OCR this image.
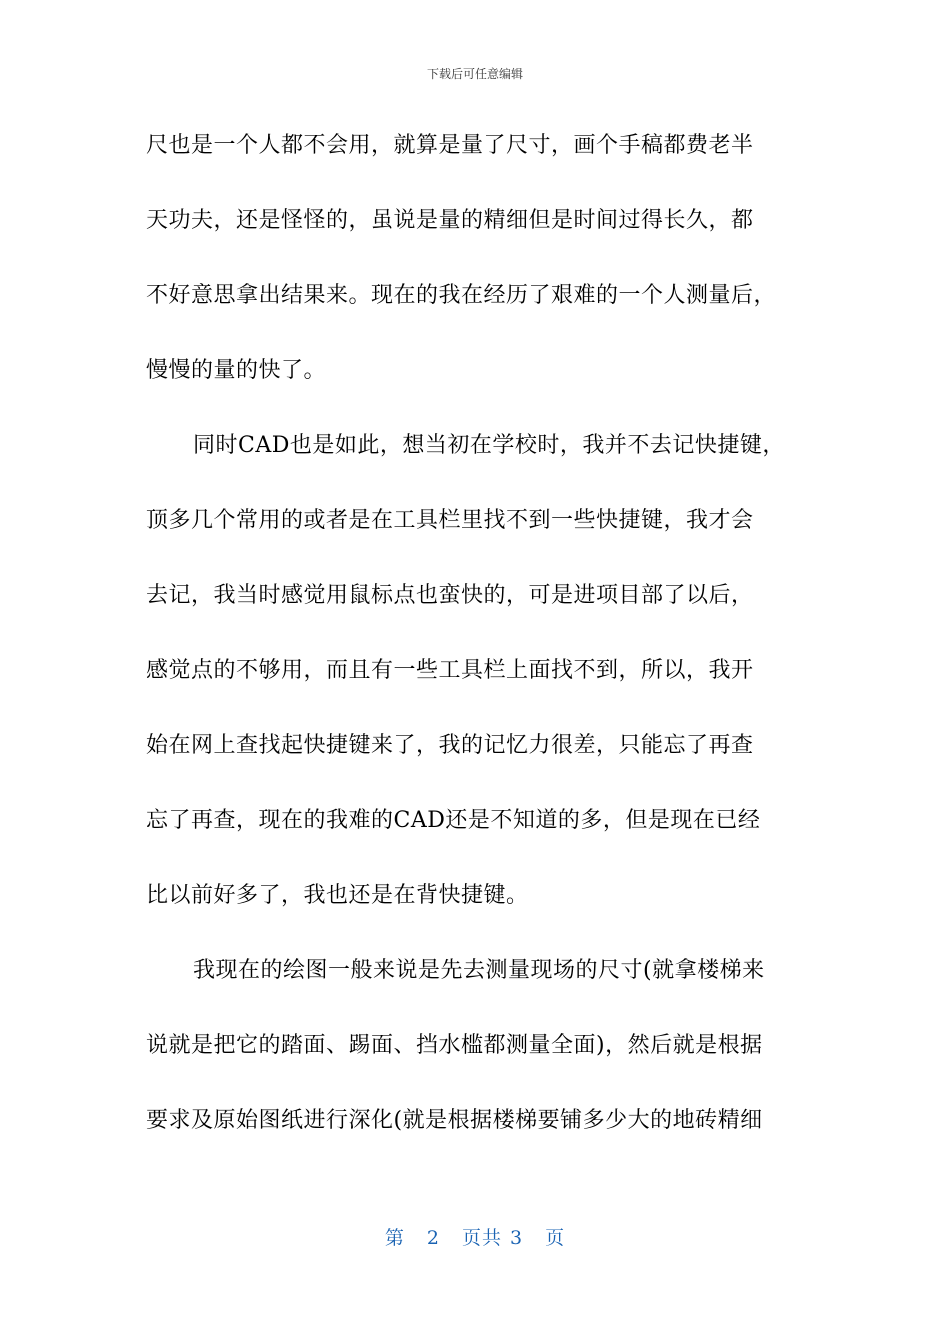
下载后可任意编辑
尺也是一个人都不会用，就算是量了尺寸，画个手稿都费老半
天功夫，还是怪怪的，虽说是量的精细但是时间过得长久，都
不好意思拿出结果来。现在的我在经历了艰难的一个人测量后，
慢慢的量的快了。
同时CAD也是如此，想当初在学校时，我并不去记快捷键，
顶多几个常用的或者是在工具栏里找不到一些快捷键，我才会
去记，我当时感觉用鼠标点也蛮快的，可是进项目部了以后，
感觉点的不够用，而且有一些工具栏上面找不到，所以，我开
始在网上查找起快捷键来了，我的记忆力很差，只能忘了再查
忘了再查，现在的我难的CAD还是不知道的多，但是现在已经
比以前好多了，我也还是在背快捷键。
我现在的绘图一般来说是先去测量现场的尺寸(就拿楼梯来
说就是把它的踏面、踢面、挡水槛都测量全面)，然后就是根据
要求及原始图纸进行深化(就是根据楼梯要铺多少大的地砖精细
第 2 页共 3 页
